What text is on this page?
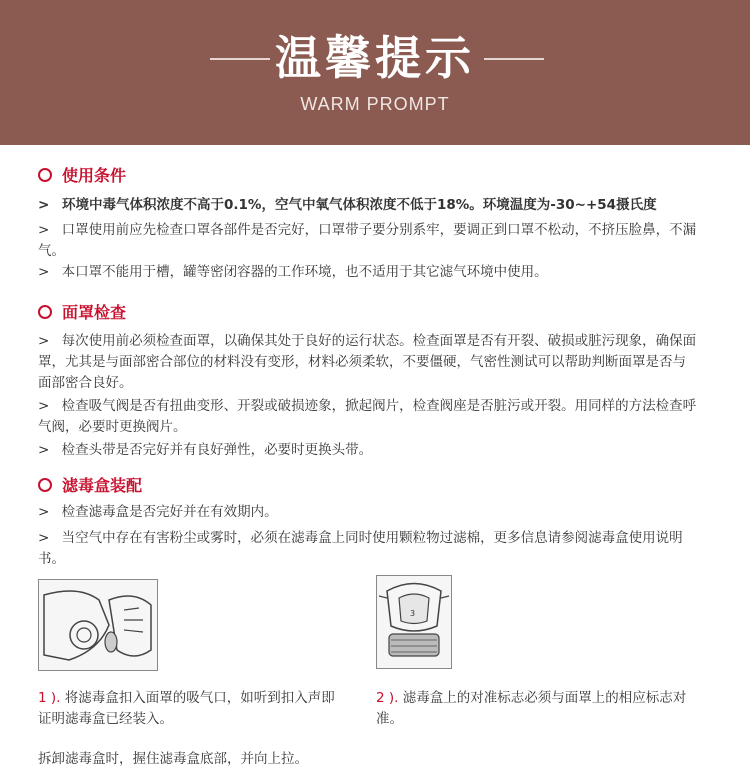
温馨提示
WARM PROMPT
使用条件
> 环境中毒气体积浓度不高于0.1%，空气中氧气体积浓度不低于18%。环境温度为-30~+54摄氏度
> 口罩使用前应先检查口罩各部件是否完好，口罩带子要分别系牢，要调正到口罩不松动，不挤压脸鼻，不漏气。
> 本口罩不能用于槽，罐等密闭容器的工作环境，也不适用于其它滤气环境中使用。
面罩检查
> 每次使用前必须检查面罩，以确保其处于良好的运行状态。检查面罩是否有开裂、破损或脏污现象，确保面罩，尤其是与面部密合部位的材料没有变形，材料必须柔软，不要僵硬，气密性测试可以帮助判断面罩是否与面部密合良好。
> 检查吸气阀是否有扭曲变形、开裂或破损迹象，掀起阀片，检查阀座是否脏污或开裂。用同样的方法检查呼气阀，必要时更换阀片。
> 检查头带是否完好并有良好弹性，必要时更换头带。
滤毒盒装配
> 检查滤毒盒是否完好并在有效期内。
> 当空气中存在有害粉尘或雾时，必须在滤毒盒上同时使用颗粒物过滤棉，更多信息请参阅滤毒盒使用说明书。
1 ). 将滤毒盒扣入面罩的吸气口，如听到扣入声即证明滤毒盒已经装入。
3
2 ). 滤毒盒上的对准标志必须与面罩上的相应标志对准。
拆卸滤毒盒时，握住滤毒盒底部，并向上拉。
